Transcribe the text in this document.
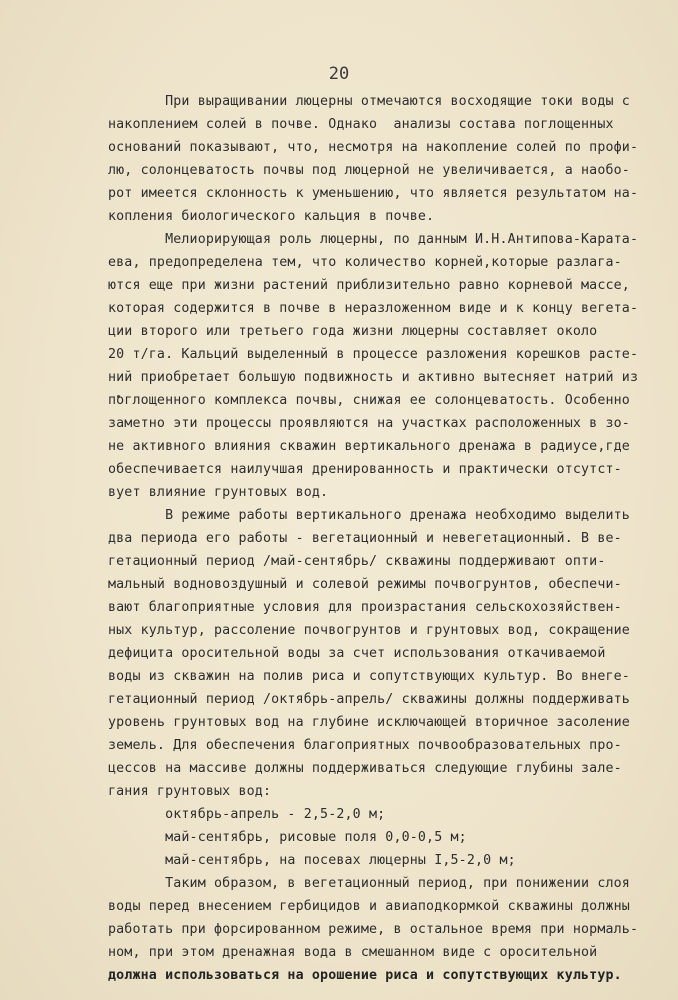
20
При выращивании люцерны отмечаются восходящие токи воды с
накоплением солей в почве. Однако  анализы состава поглощенных
оснований показывают, что, несмотря на накопление солей по профи-
лю, солонцеватость почвы под люцерной не увеличивается, а наобо-
рот имеется склонность к уменьшению, что является результатом на-
копления биологического кальция в почве.
Мелиорирующая роль люцерны, по данным И.Н.Антипова-Карата-
ева, предопределена тем, что количество корней,которые разлага-
ются еще при жизни растений приблизительно равно корневой массе,
которая содержится в почве в неразложенном виде и к концу вегета-
ции второго или третьего года жизни люцерны составляет около
20 т/га. Кальций выделенный в процессе разложения корешков расте-
ний приобретает большую подвижность и активно вытесняет натрий из
поглощенного комплекса почвы, снижая ее солонцеватость. Особенно
заметно эти процессы проявляются на участках расположенных в зо-
не активного влияния скважин вертикального дренажа в радиусе,где
обеспечивается наилучшая дренированность и практически отсутст-
вует влияние грунтовых вод.
В режиме работы вертикального дренажа необходимо выделить
два периода его работы - вегетационный и невегетационный. В ве-
гетационный период /май-сентябрь/ скважины поддерживают опти-
мальный водновоздушный и солевой режимы почвогрунтов, обеспечи-
вают благоприятные условия для произрастания сельскохозяйствен-
ных культур, рассоление почвогрунтов и грунтовых вод, сокращение
дефицита оросительной воды за счет использования откачиваемой
воды из скважин на полив риса и сопутствующих культур. Во внеге-
гетационный период /октябрь-апрель/ скважины должны поддерживать
уровень грунтовых вод на глубине исключающей вторичное засоление
земель. Для обеспечения благоприятных почвообразовательных про-
цессов на массиве должны поддерживаться следующие глубины зале-
гания грунтовых вод:
октябрь-апрель - 2,5-2,0 м;
май-сентябрь, рисовые поля 0,0-0,5 м;
май-сентябрь, на посевах люцерны I,5-2,0 м;
Таким образом, в вегетационный период, при понижении слоя
воды перед внесением гербицидов и авиаподкормкой скважины должны
работать при форсированном режиме, в остальное время при нормаль-
ном, при этом дренажная вода в смешанном виде с оросительной
должна использоваться на орошение риса и сопутствующих культур.
